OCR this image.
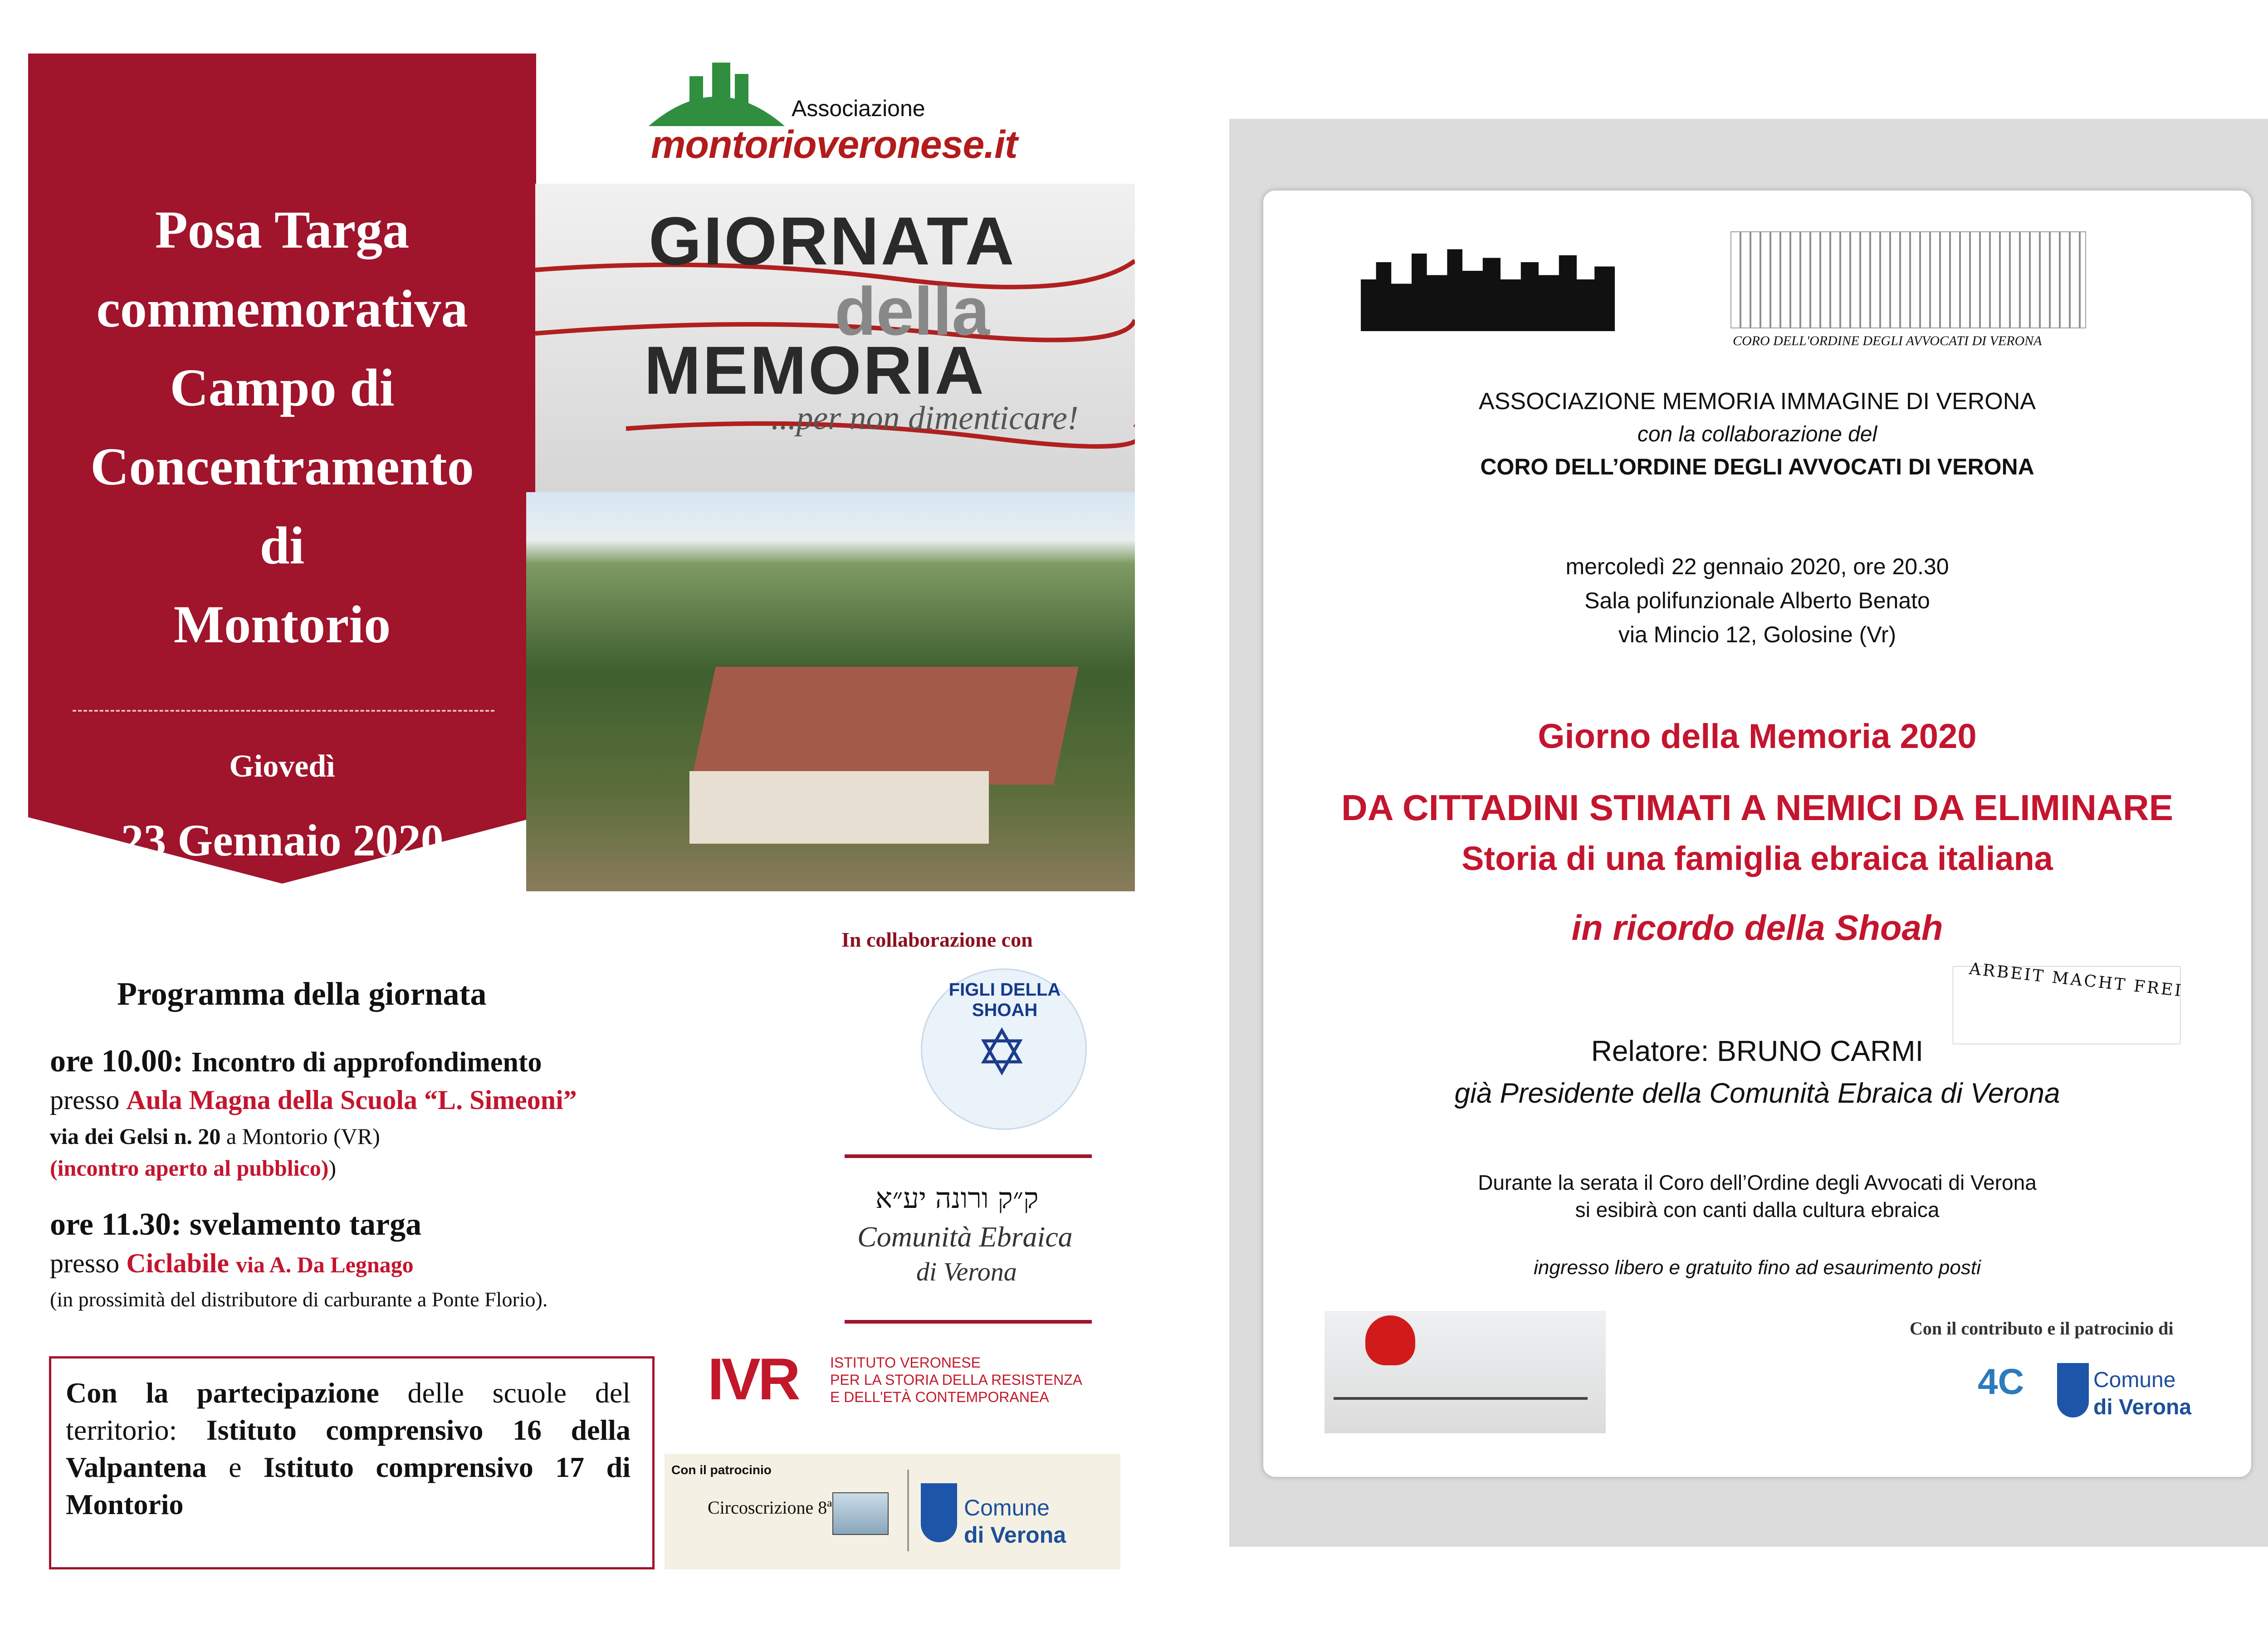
Posa Targa
commemorativa
Campo di
Concentramento
di
Montorio
Giovedì
23 Gennaio 2020
Associazione
montorioveronese.it
GIORNATA
della
MEMORIA
...per non dimenticare!
Programma della giornata
ore 10.00: Incontro di approfondimento
presso Aula Magna della Scuola “L. Simeoni”
via dei Gelsi n. 20 a Montorio (VR)
(incontro aperto al pubblico))
ore 11.30: svelamento targa
presso Ciclabile via A. Da Legnago
(in prossimità del distributore di carburante a Ponte Florio).
Con la partecipazione delle scuole del territorio: Istituto comprensivo 16 della Valpantena e Istituto comprensivo 17 di Montorio
In collaborazione con
FIGLI DELLA SHOAH
✡
ק״ק ורונה יע״א
Comunità Ebraica
di Verona
IVR ISTITUTO VERONESE
PER LA STORIA DELLA RESISTENZA
E DELL'ETÀ CONTEMPORANEA
Con il patrocinio
Circoscrizione 8ª	Comune
di Verona
CORO DELL'ORDINE DEGLI AVVOCATI DI VERONA
ASSOCIAZIONE MEMORIA IMMAGINE DI VERONA
con la collaborazione del
CORO DELL’ORDINE DEGLI AVVOCATI DI VERONA
mercoledì 22 gennaio 2020, ore 20.30
Sala polifunzionale Alberto Benato
via Mincio 12, Golosine (Vr)
Giorno della Memoria 2020
DA CITTADINI STIMATI A NEMICI DA ELIMINARE
Storia di una famiglia ebraica italiana
in ricordo della Shoah
ARBEIT MACHT FREI
Relatore: BRUNO CARMI
già Presidente della Comunità Ebraica di Verona
Durante la serata il Coro dell’Ordine degli Avvocati di Verona
si esibirà con canti dalla cultura ebraica
ingresso libero e gratuito fino ad esaurimento posti
Con il contributo e il patrocinio di
4C	Comune
di Verona
